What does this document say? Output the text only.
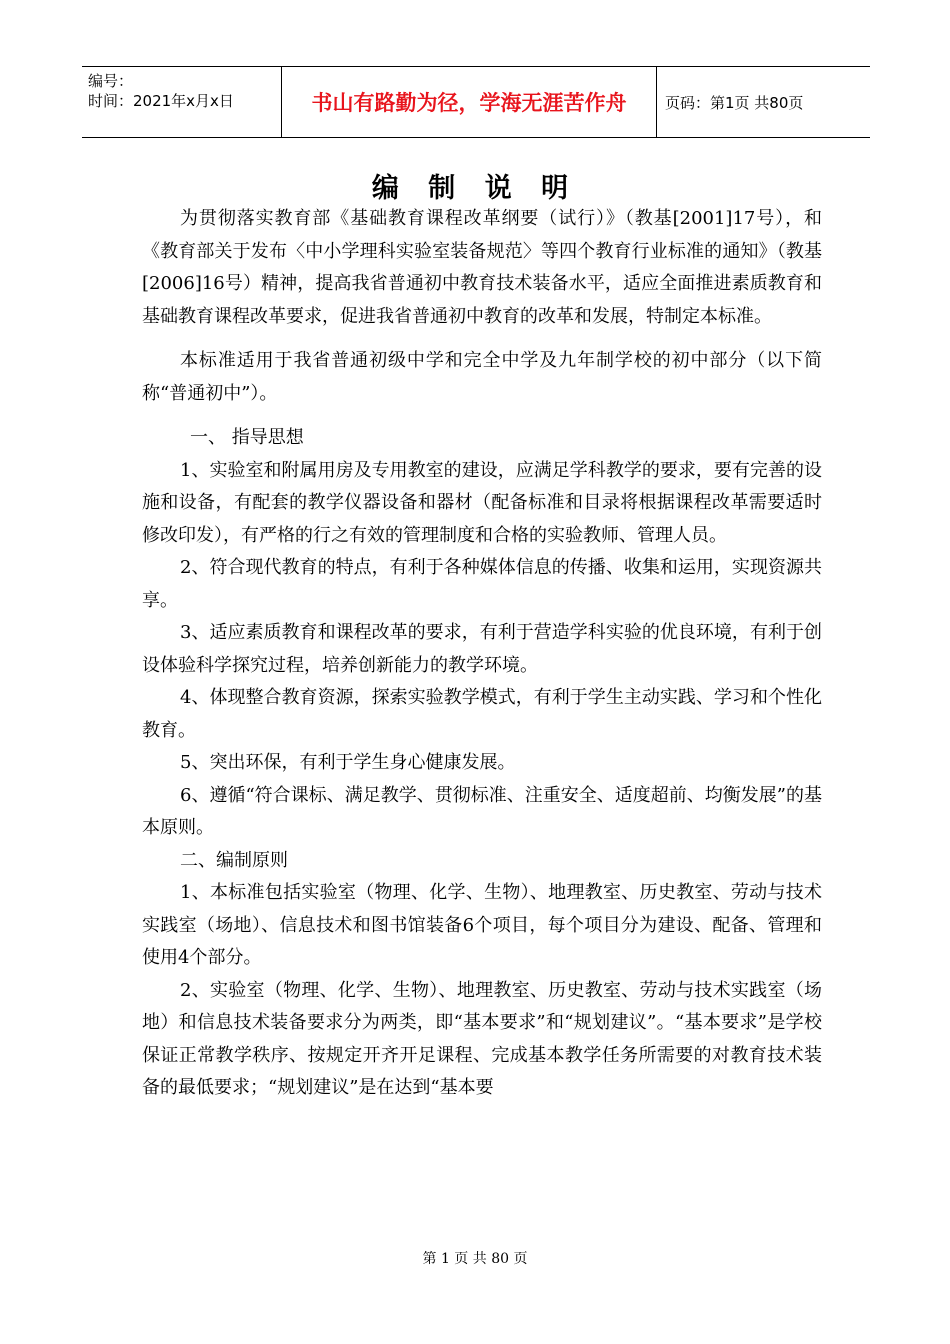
编号：
时间：2021年x月x日	书山有路勤为径，学海无涯苦作舟	页码：第1页 共80页
编 制 说 明

为贯彻落实教育部《基础教育课程改革纲要（试行）》（教基[2001]17号），和《教育部关于发布〈中小学理科实验室装备规范〉等四个教育行业标准的通知》（教基[2006]16号）精神，提高我省普通初中教育技术装备水平，适应全面推进素质教育和基础教育课程改革要求，促进我省普通初中教育的改革和发展，特制定本标准。

本标准适用于我省普通初级中学和完全中学及九年制学校的初中部分（以下简称“普通初中”）。

一、 指导思想

1、实验室和附属用房及专用教室的建设，应满足学科教学的要求，要有完善的设施和设备，有配套的教学仪器设备和器材（配备标准和目录将根据课程改革需要适时修改印发），有严格的行之有效的管理制度和合格的实验教师、管理人员。

2、符合现代教育的特点，有利于各种媒体信息的传播、收集和运用，实现资源共享。

3、适应素质教育和课程改革的要求，有利于营造学科实验的优良环境，有利于创设体验科学探究过程，培养创新能力的教学环境。

4、体现整合教育资源，探索实验教学模式，有利于学生主动实践、学习和个性化教育。

5、突出环保，有利于学生身心健康发展。

6、遵循“符合课标、满足教学、贯彻标准、注重安全、适度超前、均衡发展”的基本原则。

二、编制原则

1、本标准包括实验室（物理、化学、生物）、地理教室、历史教室、劳动与技术实践室（场地）、信息技术和图书馆装备6个项目，每个项目分为建设、配备、管理和使用4个部分。

2、实验室（物理、化学、生物）、地理教室、历史教室、劳动与技术实践室（场地）和信息技术装备要求分为两类，即“基本要求”和“规划建议”。“基本要求”是学校保证正常教学秩序、按规定开齐开足课程、完成基本教学任务所需要的对教育技术装备的最低要求；“规划建议”是在达到“基本要

第 1 页 共 80 页
